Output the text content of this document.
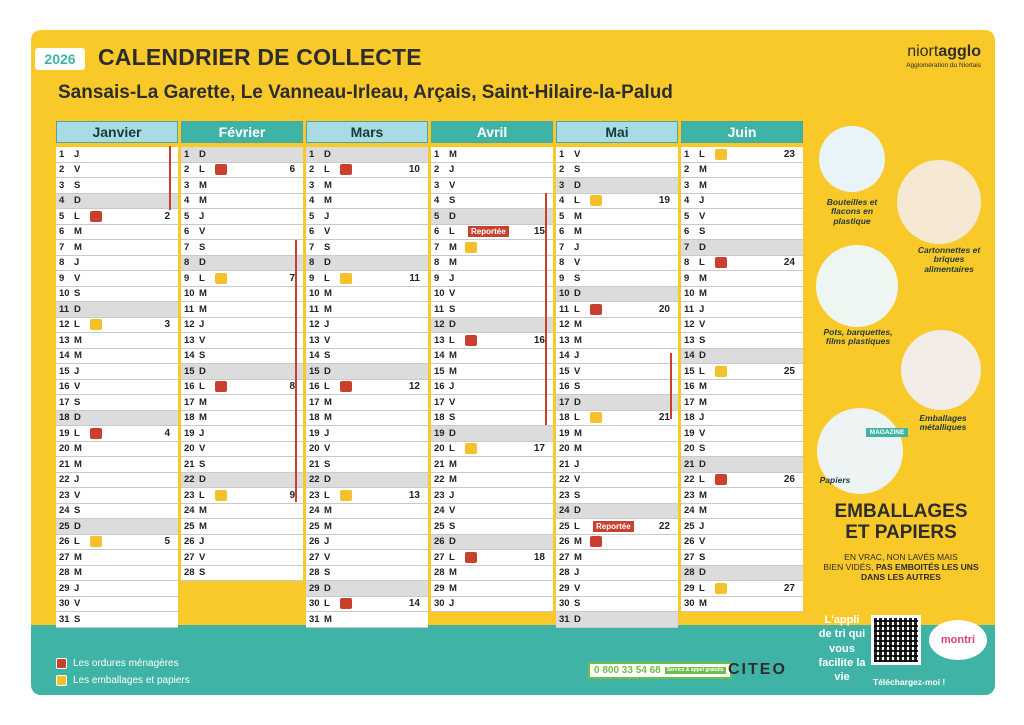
2026 CALENDRIER DE COLLECTE
Sansais-La Garette, Le Vanneau-Irleau, Arçais, Saint-Hilaire-la-Palud
niortagglo
Agglomération du Niortais
Janvier
1	J
2	V
3	S
4	D
5	L	2
6	M
7	M
8	J
9	V
10 S
11 D
12 L	3
13 M
14 M
15 J
16 V
17 S
18 D
19 L	4
20 M
21 M
22 J
23 V
24 S
25 D
26 L	5
27 M
28 M
29 J
30 V
31 S
Février
1	D
2	L	6
3	M
4	M
5	J
6	V
7	S
8	D
9	L	7
10 M
11 M
12 J
13 V
14 S
15 D
16 L	8
17 M
18 M
19 J
20 V
21 S
22 D
23 L	9
24 M
25 M
26 J
27 V
28 S
Mars
1	D
2	L	10
3	M
4	M
5	J
6	V
7	S
8	D
9	L	11
10 M
11 M
12 J
13 V
14 S
15 D
16 L	12
17 M
18 M
19 J
20 V
21 S
22 D
23 L	13
24 M
25 M
26 J
27 V
28 S
29 D
30 L	14
31 M
Avril
1	M
2	J
3	V
4	S
5	D
6	L	Reportée	15
7	M
8	M
9	J
10 V
11 S
12 D
13 L	16
14 M
15 M
16 J
17 V
18 S
19 D
20 L	17
21 M
22 M
23 J
24 V
25 S
26 D
27 L	18
28 M
29 M
30 J
Mai
1	V
2	S
3	D
4	L	19
5	M
6	M
7	J
8	V
9	S
10 D
11 L	20
12 M
13 M
14 J
15 V
16 S
17 D
18 L	21
19 M
20 M
21 J
22 V
23 S
24 D
25 L	Reportée	22
26 M
27 M
28 J
29 V
30 S
31 D
Juin
1	L	23
2	M
3	M
4	J
5	V
6	S
7	D
8	L	24
9	M
10 M
11 J
12 V
13 S
14 D
15 L	25
16 M
17 M
18 J
19 V
20 S
21 D
22 L	26
23 M
24 M
25 J
26 V
27 S
28 D
29 L	27
30 M
Bouteilles et flacons en plastique
Cartonnettes et briques alimentaires
Pots, barquettes, films plastiques
Emballages métalliques
MAGAZINE
Papiers
EMBALLAGES
ET PAPIERS
EN VRAC, NON LAVÉS MAIS
BIEN VIDÉS, PAS EMBOITÉS LES UNS
DANS LES AUTRES
Les ordures ménagères
Les emballages et papiers
0 800 33 54 68	Service & appel gratuits CITEO
L'appli de tri qui vous facilite la vie	Téléchargez-moi !
montri
